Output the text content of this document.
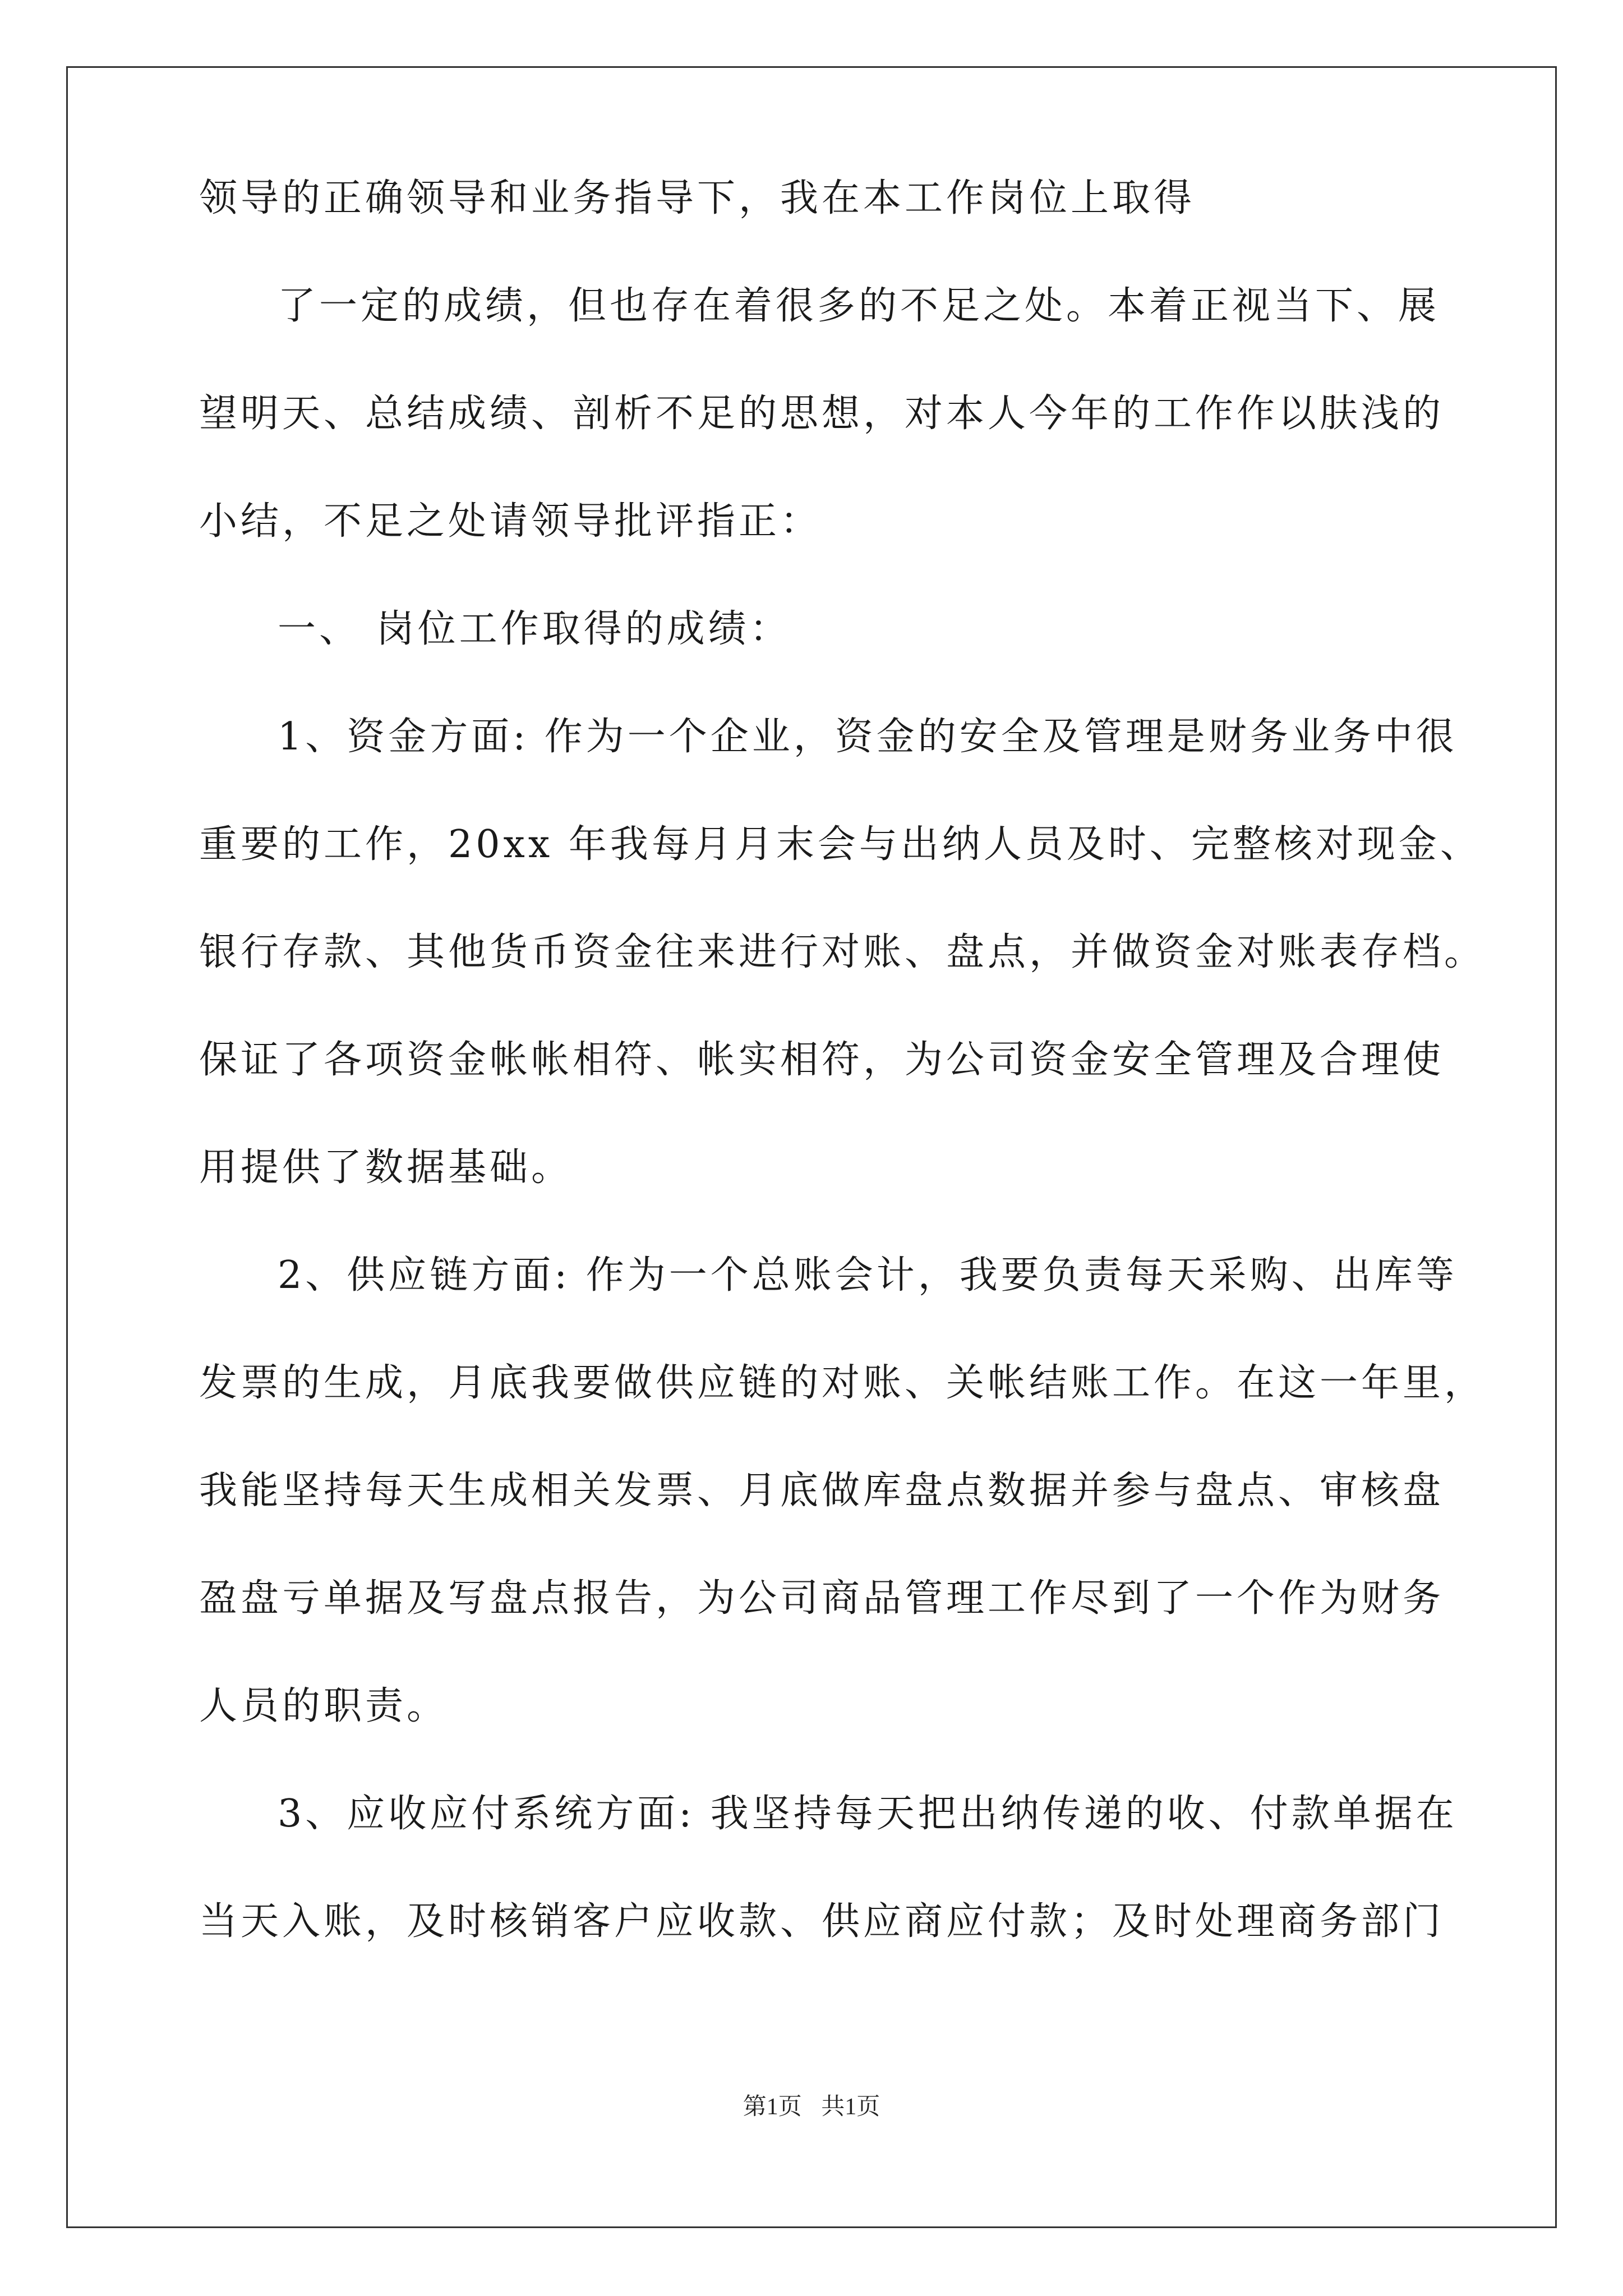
领导的正确领导和业务指导下，我在本工作岗位上取得
了一定的成绩，但也存在着很多的不足之处。本着正视当下、展
望明天、总结成绩、剖析不足的思想，对本人今年的工作作以肤浅的
小结，不足之处请领导批评指正：
一、 岗位工作取得的成绩：
1、资金方面: 作为一个企业，资金的安全及管理是财务业务中很
重要的工作，20xx 年我每月月末会与出纳人员及时、完整核对现金、
银行存款、其他货币资金往来进行对账、盘点，并做资金对账表存档。
保证了各项资金帐帐相符、帐实相符，为公司资金安全管理及合理使
用提供了数据基础。
2、供应链方面: 作为一个总账会计，我要负责每天采购、出库等
发票的生成，月底我要做供应链的对账、关帐结账工作。在这一年里，
我能坚持每天生成相关发票、月底做库盘点数据并参与盘点、审核盘
盈盘亏单据及写盘点报告，为公司商品管理工作尽到了一个作为财务
人员的职责。
3、应收应付系统方面: 我坚持每天把出纳传递的收、付款单据在
当天入账，及时核销客户应收款、供应商应付款；及时处理商务部门
第1页 共1页
